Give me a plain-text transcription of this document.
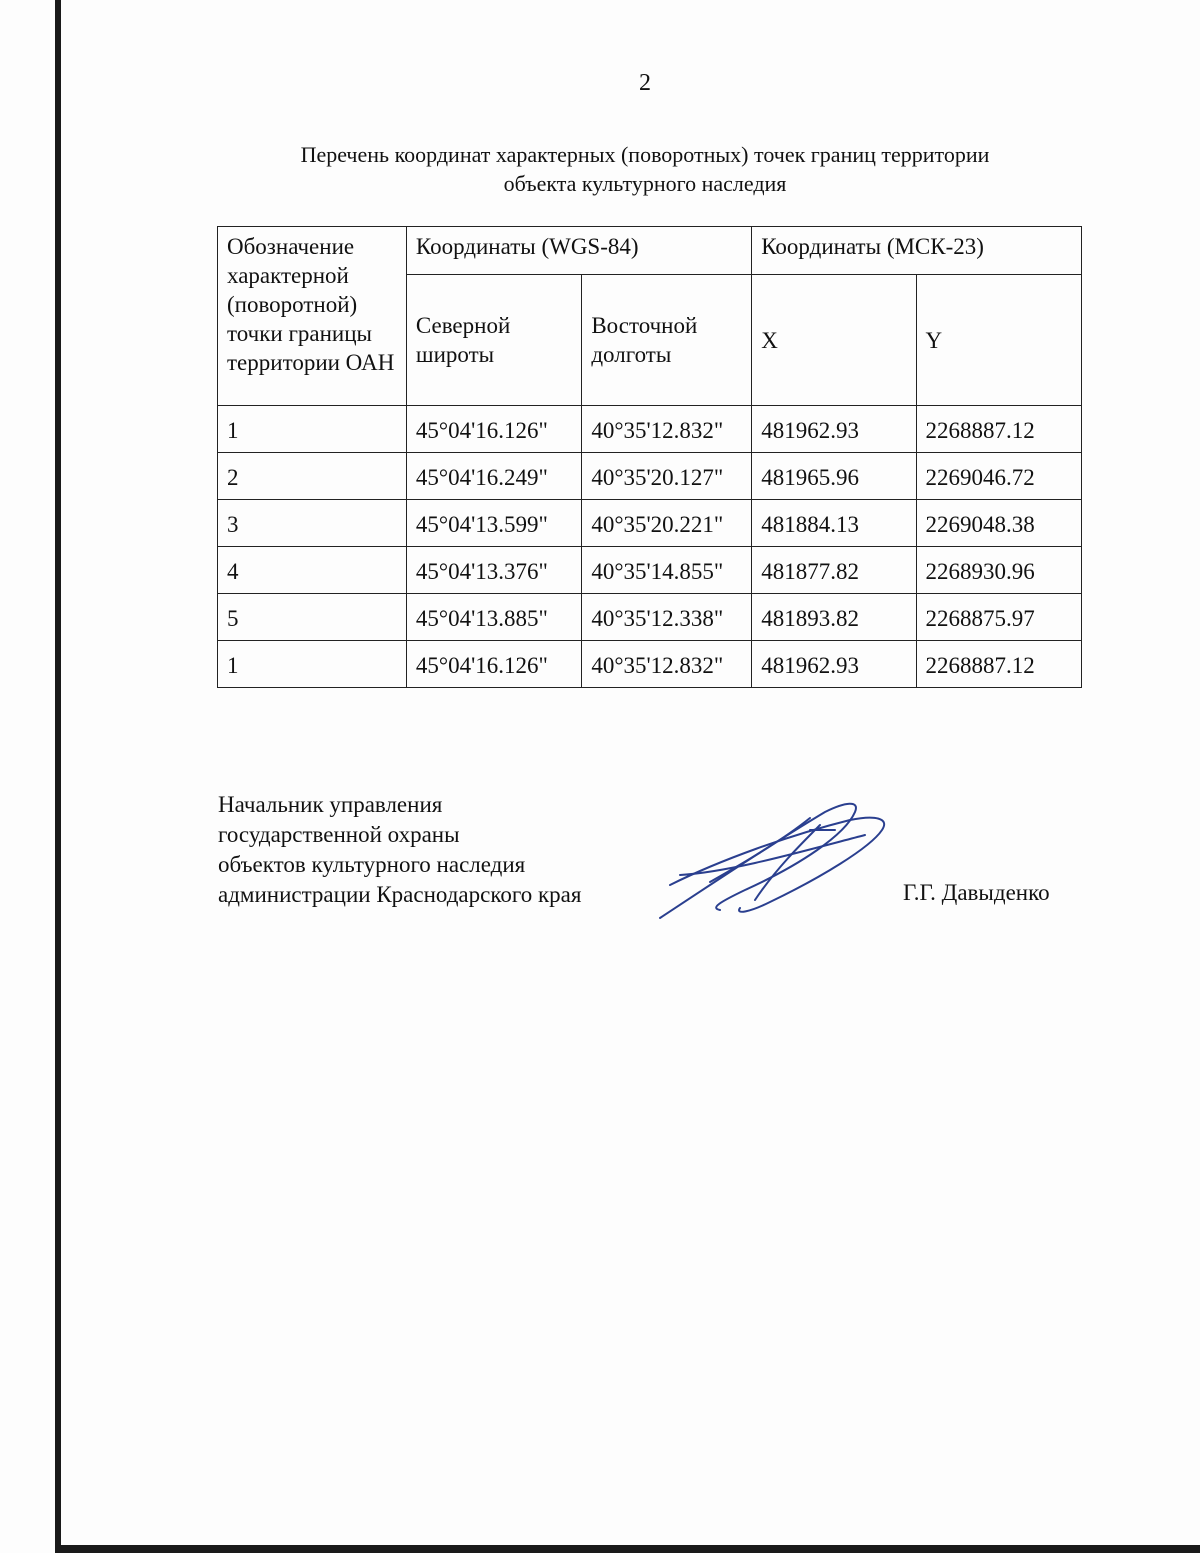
2
Перечень координат характерных (поворотных) точек границ территории
объекта культурного наследия
Обозначение характерной (поворотной) точки границы территории ОАН	Координаты (WGS-84)		Координаты (МСК-23)	
	Северной широты	Восточной долготы	X	Y
1	45°04'16.126"	40°35'12.832"	481962.93	2268887.12
2	45°04'16.249"	40°35'20.127"	481965.96	2269046.72
3	45°04'13.599"	40°35'20.221"	481884.13	2269048.38
4	45°04'13.376"	40°35'14.855"	481877.82	2268930.96
5	45°04'13.885"	40°35'12.338"	481893.82	2268875.97
1	45°04'16.126"	40°35'12.832"	481962.93	2268887.12
Начальник управления
государственной охраны
объектов культурного наследия
администрации Краснодарского края	Г.Г. Давыденко
